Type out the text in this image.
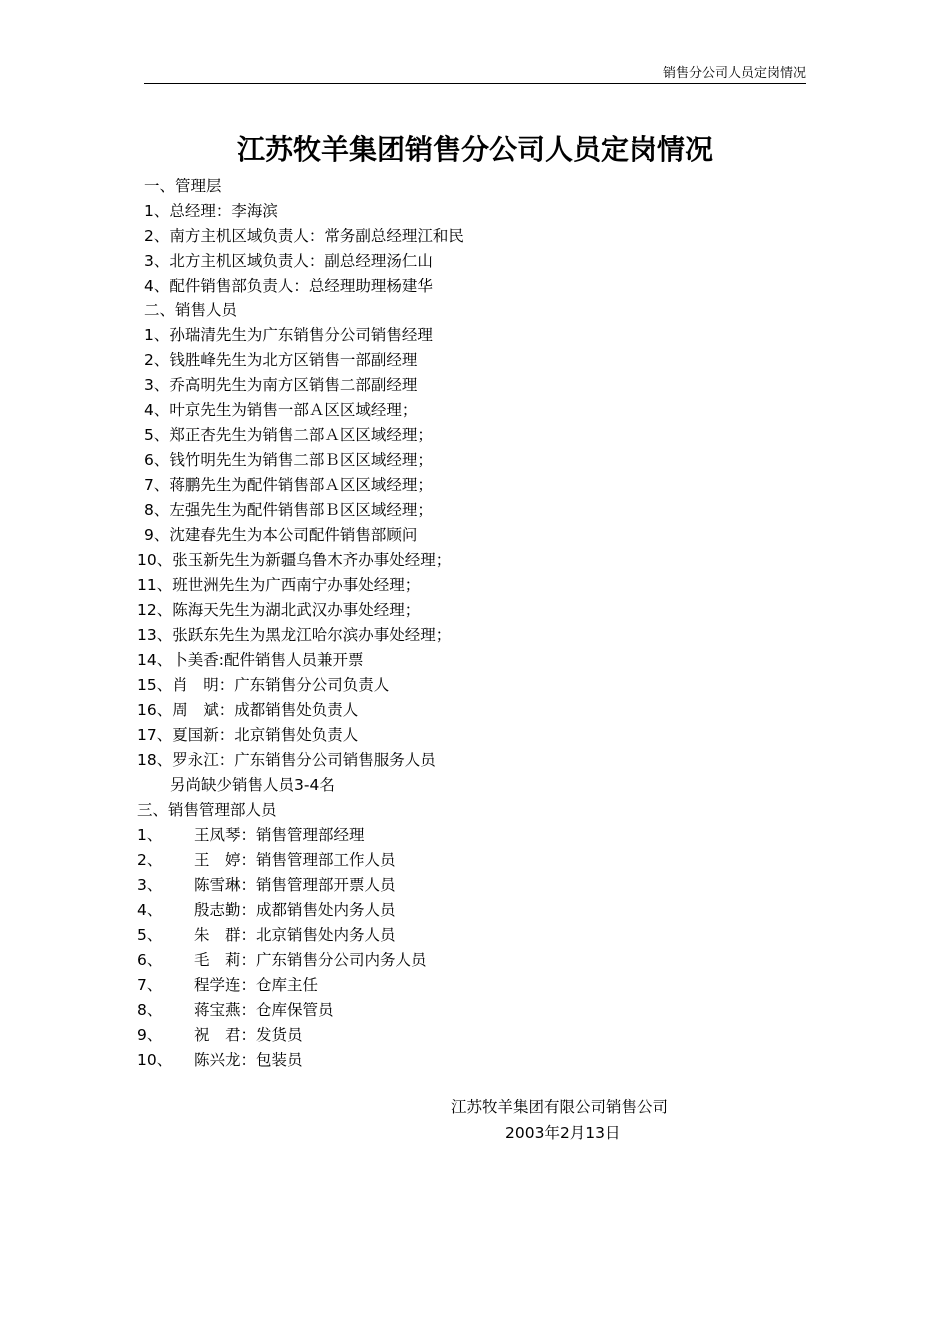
销售分公司人员定岗情况
江苏牧羊集团销售分公司人员定岗情况
一、管理层
1、总经理：李海滨
2、南方主机区域负责人：常务副总经理江和民
3、北方主机区域负责人：副总经理汤仁山
4、配件销售部负责人：总经理助理杨建华
二、销售人员
1、孙瑞清先生为广东销售分公司销售经理
2、钱胜峰先生为北方区销售一部副经理
3、乔高明先生为南方区销售二部副经理
4、叶京先生为销售一部Ａ区区域经理；
5、郑正杏先生为销售二部Ａ区区域经理；
6、钱竹明先生为销售二部Ｂ区区域经理；
7、蒋鹏先生为配件销售部Ａ区区域经理；
8、左强先生为配件销售部Ｂ区区域经理；
9、沈建春先生为本公司配件销售部顾问
10、张玉新先生为新疆乌鲁木齐办事处经理；
11、班世洲先生为广西南宁办事处经理；
12、陈海天先生为湖北武汉办事处经理；
13、张跃东先生为黑龙江哈尔滨办事处经理；
14、卜美香:配件销售人员兼开票
15、肖　明：广东销售分公司负责人
16、周　斌：成都销售处负责人
17、夏国新：北京销售处负责人
18、罗永江：广东销售分公司销售服务人员
另尚缺少销售人员3-4名
三、销售管理部人员
1、 王凤琴：销售管理部经理
2、 王　婷：销售管理部工作人员
3、 陈雪琳：销售管理部开票人员
4、 殷志勤：成都销售处内务人员
5、 朱　群：北京销售处内务人员
6、 毛　莉：广东销售分公司内务人员
7、 程学连：仓库主任
8、 蒋宝燕：仓库保管员
9、 祝　君：发货员
10、 陈兴龙：包装员
江苏牧羊集团有限公司销售公司
2003年2月13日
